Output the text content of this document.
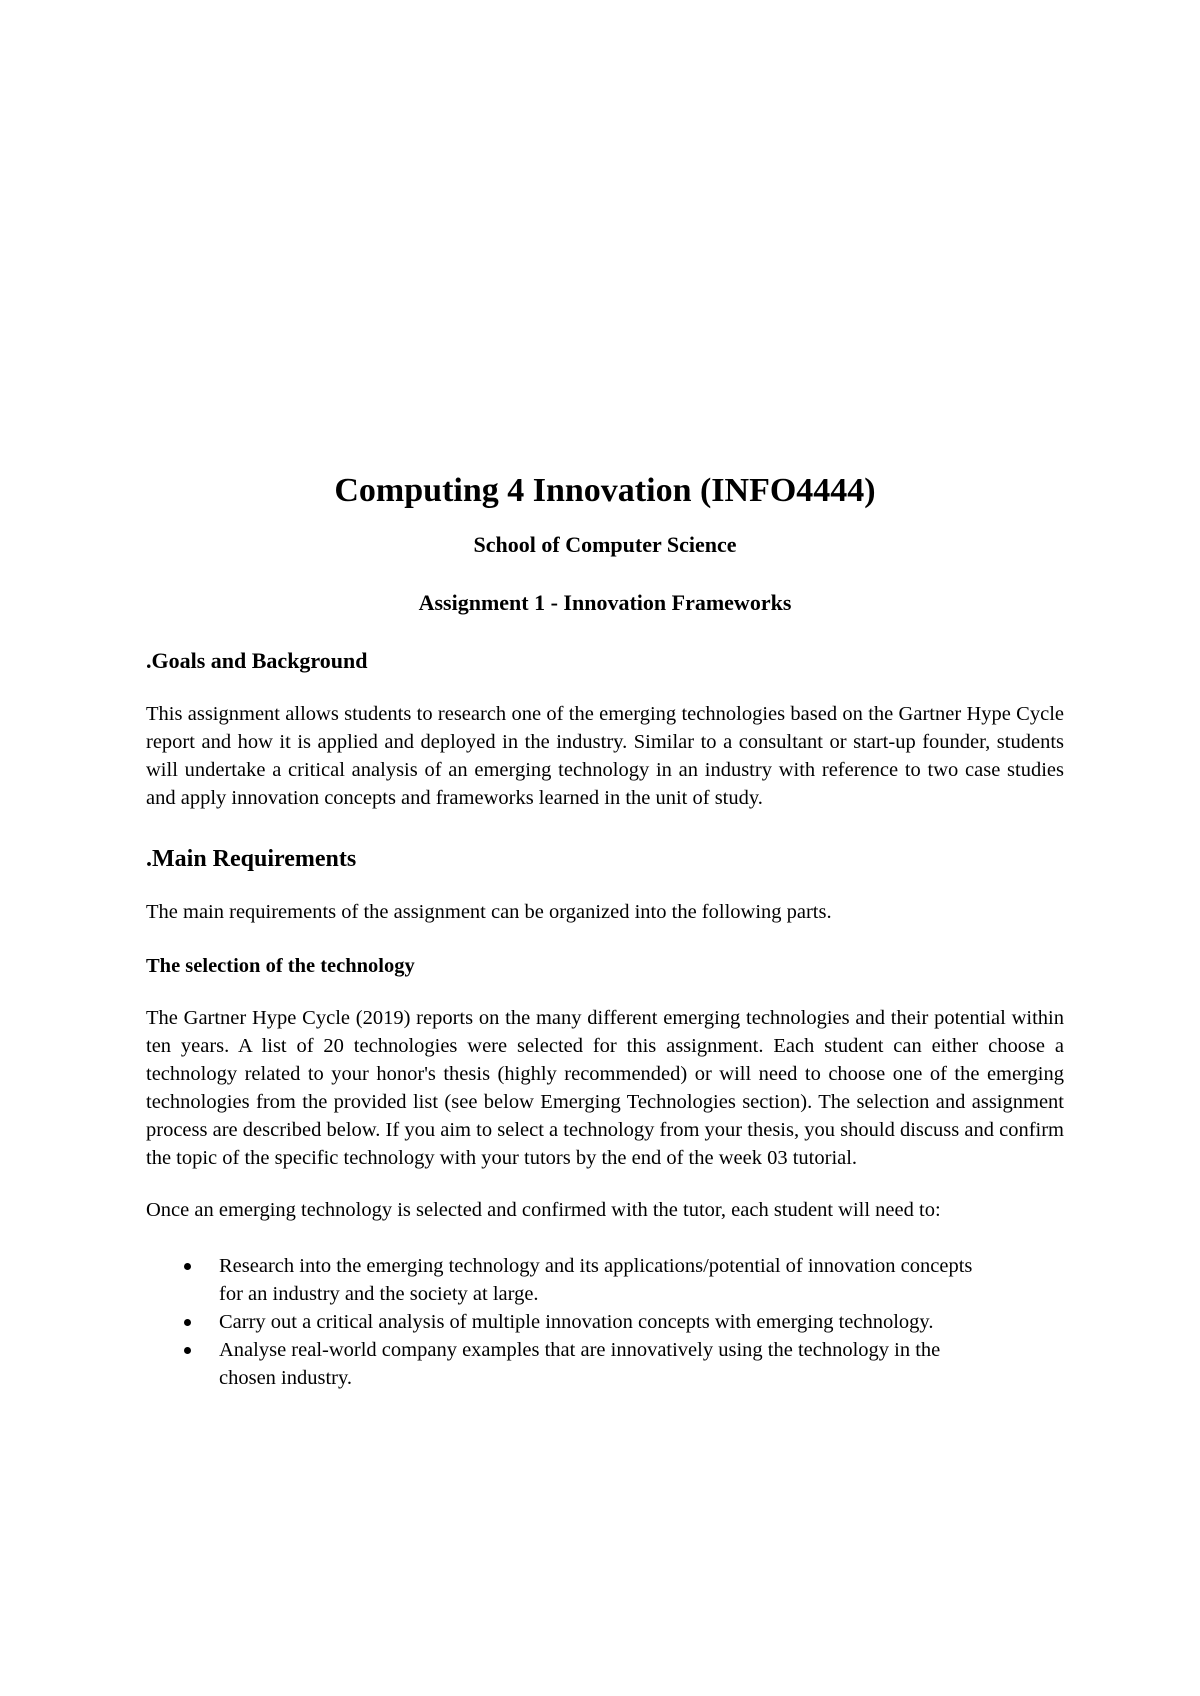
Computing 4 Innovation (INFO4444)
School of Computer Science
Assignment 1 - Innovation Frameworks
.Goals and Background

This assignment allows students to research one of the emerging technologies based on the Gartner Hype Cycle report and how it is applied and deployed in the industry. Similar to a consultant or start-up founder, students will undertake a critical analysis of an emerging technology in an industry with reference to two case studies and apply innovation concepts and frameworks learned in the unit of study.

.Main Requirements

The main requirements of the assignment can be organized into the following parts.

The selection of the technology

The Gartner Hype Cycle (2019) reports on the many different emerging technologies and their potential within ten years. A list of 20 technologies were selected for this assignment. Each student can either choose a technology related to your honor's thesis (highly recommended) or will need to choose one of the emerging technologies from the provided list (see below Emerging Technologies section). The selection and assignment process are described below. If you aim to select a technology from your thesis, you should discuss and confirm the topic of the specific technology with your tutors by the end of the week 03 tutorial.

Once an emerging technology is selected and confirmed with the tutor, each student will need to:

Research into the emerging technology and its applications/potential of innovation concepts for an industry and the society at large.
Carry out a critical analysis of multiple innovation concepts with emerging technology.
Analyse real-world company examples that are innovatively using the technology in the chosen industry.
